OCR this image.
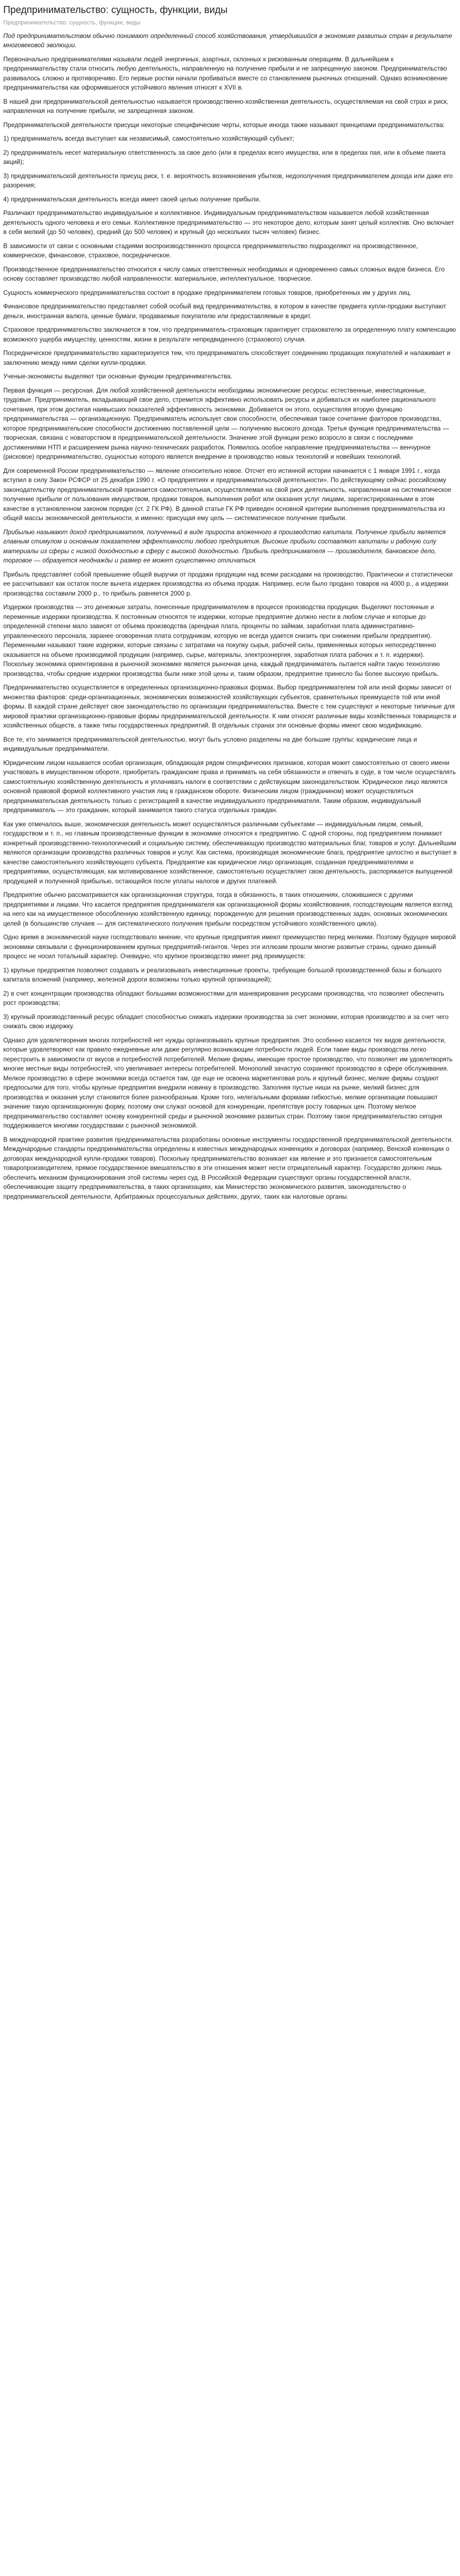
Предпринимательство: сущность, функции, виды
Предпринимательство: сущность, функции, виды

Под предпринимательством обычно понимают определенный способ хозяйствования, утвердившийся в экономике развитых стран в результате многовековой эволюции.

Первоначально предпринимателями называли людей энергичных, азартных, склонных к рискованным операциям. В дальнейшем к предпринимательству стали относить любую деятельность, направленную на получение прибыли и не запрещенную законом. Предпринимательство развивалось сложно и противоречиво. Его первые ростки начали пробиваться вместе со становлением рыночных отношений. Однако возникновение предпринимательства как оформившегося устойчивого явления относят к XVII в.

В нашей дни предпринимательской деятельностью называется производственно-хозяйственная деятельность, осуществляемая на свой страх и риск, направленная на получение прибыли, не запрещенная законом.

Предпринимательской деятельности присущи некоторые специфические черты, которые иногда также называют принципами предпринимательства:

1) предприниматель всегда выступает как независимый, самостоятельно хозяйствующий субъект;

2) предприниматель несет материальную ответственность за свое дело (или в пределах всего имущества, или в пределах пая, или в объеме пакета акций);

3) предпринимательской деятельности присущ риск, т. е. вероятность возникновения убытков, недополучения предпринимателем дохода или даже его разорения;

4) предпринимательская деятельность всегда имеет своей целью получение прибыли.

Различают предпринимательство индивидуальное и коллективное. Индивидуальным предпринимательством называется любой хозяйственная деятельность одного человека и его семьи. Коллективное предпринимательство — это некоторое дело, которым занят целый коллектив. Оно включает в себя мелкий (до 50 человек), средний (до 500 человек) и крупный (до нескольких тысяч человек) бизнес.

В зависимости от связи с основными стадиями воспроизводственного процесса предпринимательство подразделяют на производственное, коммерческое, финансовое, страховое, посредническое.

Производственное предпринимательство относится к числу самых ответственных необходимых и одновременно самых сложных видов бизнеса. Его основу составляет производство любой направленности: материальное, интеллектуальное, творческое.

Сущность коммерческого предпринимательства состоит в продаже предпринимателем готовых товаров, приобретенных им у других лиц.

Финансовое предпринимательство представляет собой особый вид предпринимательства, в котором в качестве предмета купли-продажи выступают деньги, иностранная валюта, ценные бумаги, продаваемые покупателю или предоставляемые в кредит.

Страховое предпринимательство заключается в том, что предприниматель-страховщик гарантирует страхователю за определенную плату компенсацию возможного ущерба имуществу, ценностям, жизни в результате непредвиденного (страхового) случая.

Посредническое предпринимательство характеризуется тем, что предприниматель способствует соединению продающих покупателей и налаживает и заключению между ними сделки купли-продажи.

Ученые-экономисты выделяют три основные функции предпринимательства.

Первая функция — ресурсная. Для любой хозяйственной деятельности необходимы экономические ресурсы: естественные, инвестиционные, трудовые. Предприниматель, вкладывающий свое дело, стремится эффективно использовать ресурсы и добиваться их наиболее рационального сочетания, при этом достигая наивысших показателей эффективность экономики. Добивается он этого, осуществляя вторую функцию предпринимательства — организационную. Предприниматель использует свои способности, обеспечивая такое сочетание факторов производства, которое предпринимательские способности достижению поставленной цели — получению высокого дохода. Третья функция предпринимательства — творческая, связана с новаторством в предпринимательской деятельности. Значение этой функции резко возросло в связи с последними достижениями НТП и расширением рынка научно-технических разработок. Появилось особое направление предпринимательства — венчурное (рисковое) предпринимательство, сущностью которого является внедрение в производство новых технологий и новейших технологий.

Для современной России предпринимательство — явление относительно новое. Отсчет его истинной истории начинается с 1 января 1991 г., когда вступил в силу Закон РСФСР от 25 декабря 1990 г. «О предприятиях и предпринимательской деятельности». По действующему сейчас российскому законодательству предпринимательской признается самостоятельная, осуществляемая на свой риск деятельность, направленная на систематическое получение прибыли от пользования имуществом, продажи товаров, выполнения работ или оказания услуг лицами, зарегистрированными в этом качестве в установленном законом порядке (ст. 2 ГК РФ). В данной статье ГК РФ приведен основной критерии выполнения предпринимательства из общей массы экономической деятельности, и именно: присущая ему цель — систематическое получение прибыли.

Прибылью называют доход предпринимателя, полученный в виде прироста вложенного в производство капитала. Получение прибыли является главным стимулом и основным показателем эффективности любого предприятия. Высокие прибыли составляют капиталы и рабочую силу материалы из сферы с низкой доходностью в сферу с высокой доходностью. Прибыль предпринимателя — производителя, банковское дело, торговое — образуется неоднажды и размер ее может существенно отличаться.

Прибыль представляет собой превышение общей выручки от продажи продукции над всеми расходами на производство. Практически и статистически ее рассчитывают как остаток после вычета издержек производства из объема продаж. Например, если было продано товаров на 4000 р., а издержки производства составили 2000 р., то прибыль равняется 2000 р.

Издержки производства — это денежные затраты, понесенные предпринимателем в процессе производства продукции. Выделяют постоянные и переменные издержки производства. К постоянным относятся те издержки, которые предприятие должно нести в любом случае и которые до определенной степени мало зависят от объема производства (арендная плата, проценты по займам, заработная плата административно-управленческого персонала, заранее оговоренная плата сотрудникам, которую не всегда удается снизить при снижении прибыли предприятия). Переменными называют такие издержки, которые связаны с затратами на покупку сырья, рабочей силы, применяемых которых непосредственно оказывается на объеме производимой продукции (например, сырье, материалы, электроэнергия, заработная плата рабочих и т. п. издержки). Поскольку экономика ориентирована в рыночной экономике является рыночная цена, каждый предприниматель пытается найти такую технологию производства, чтобы средние издержки производства были ниже этой цены и, таким образом, предприятие принесло бы более высокую прибыль.

Предпринимательство осуществляется в определенных организационно-правовых формах. Выбор предпринимателем той или иной формы зависит от множества факторов: среди-организационных, экономических возможностей хозяйствующих субъектов, сравнительных преимуществ той или иной формы. В каждой стране действует свое законодательство по организации предпринимательства. Вместе с тем существуют и некоторые типичные для мировой практики организационно-правовые формы предпринимательской деятельности. К ним относят различные виды хозяйственных товариществ и хозяйственных обществ, а также типы государственных предприятий. В отдельных странах эти основные формы имеют свою модификацию.

Все те, кто занимается предпринимательской деятельностью, могут быть условно разделены на две большие группы: юридические лица и индивидуальные предприниматели.

Юридическим лицом называется особая организация, обладающая рядом специфических признаков, которая может самостоятельно от своего имени участвовать в имущественном обороте, приобретать гражданские права и принимать на себя обязанности и отвечать в суде, в том числе осуществлять самостоятельную хозяйственную деятельность и уплачивать налоги в соответствии с действующим законодательством. Юридическое лицо является основной правовой формой коллективного участия лиц в гражданском обороте. Физическим лицом (гражданином) может осуществляться предпринимательская деятельность только с регистрацией в качестве индивидуального предпринимателя. Таким образом, индивидуальный предприниматель — это гражданин, который занимается такого статуса отдельных граждан.

Как уже отмечалось выше, экономическая деятельность может осуществляться различными субъектами — индивидуальным лицом, семьей, государством и т. п., но главным производственные функции в экономике относятся к предприятию. С одной стороны, под предприятием понимают конкретный производственно-технологический и социальную систему, обеспечивающую производство материальных благ, товаров и услуг. Дальнейшим являются организации производства различных товаров и услуг. Как система, производящая экономические блага, предприятие целостно и выступает в качестве самостоятельного хозяйствующего субъекта. Предприятие как юридическое лицо организация, созданная предпринимателями и предприятиями, осуществляющая, как мотивированное хозяйственное, самостоятельно осуществляет свою деятельность, распоряжается выпущенной продукцией и полученной прибылью, остающейся после уплаты налогов и других платежей.

Предприятие обычно рассматривается как организационная структура, тогда в обязанность, в таких отношениях, сложившиеся с другими предприятиями и лицами. Что касается предприятия предпринимателя как организационной формы хозяйствования, господствующим является взгляд на него как на имущественное обособленную хозяйственную единицу, порожденную для решения производственных задач, основных экономических целей (в большинстве случаев — для систематического получения прибыли посредством устойчивого хозяйственного цикла).

Одно время в экономической науке господствовало мнение, что крупные предприятия имеют преимущество перед мелкими. Поэтому будущее мировой экономики связывали с функционированием крупных предприятий-гигантов. Через эти иллюзии прошли многие развитые страны, однако данный процесс не носил тотальный характер. Очевидно, что крупное производство имеет ряд преимуществ:

1) крупные предприятия позволяют создавать и реализовывать инвестиционные проекты, требующие большой производственной базы и большого капитала вложений (например, железной дороги возможны только крупной организацией);

2) в счет концентрации производства обладают большими возможностями для маневрирования ресурсами производства, что позволяет обеспечить рост производства;

3) крупный производственный ресурс обладает способностью снижать издержки производства за счет экономии, которая производство и за счет чего снижать свою издержку.

Однако для удовлетворения многих потребностей нет нужды организовывать крупные предприятия. Это особенно касается тех видов деятельности, которые удовлетворяют как правило ежедневные или даже регулярно возникающие потребности людей. Если такие виды производства легко перестроить в зависимости от вкусов и потребностей потребителей. Мелкие фирмы, имеющие простое производство, что позволяет им удовлетворять многие местные виды потребностей, что увеличивает интересы потребителей. Монополий зачастую сохраняют производство в сфере обслуживания. Мелкое производство в сфере экономики всегда остается там, где еще не освоена маркетинговая роль и крупный бизнес, мелкие фирмы создают предпосылки для того, чтобы крупные предприятия внедрили новинку в производство. Заполняя пустые ниши на рынке, мелкий бизнес для производства и оказания услуг становится более разнообразным. Кроме того, нелегальными формами гибкостью, мелкие организации повышают значение такую организационную форму, поэтому они служат основой для конкуренции, препятствуя росту товарных цен. Поэтому мелкое предпринимательство составляет основу конкурентной среды и рыночной экономике развитых стран. Поэтому такое предпринимательство сегодня поддерживается многими государствами с рыночной экономикой.

В международной практике развития предпринимательства разработаны основные инструменты государственной предпринимательской деятельности. Международные стандарты предпринимательства определены в известных международных конвенциях и договорах (например, Венской конвенции о договорах международной купли-продажи товаров). Поскольку предпринимательство возникает как явление и это признается самостоятельным товаропроизводителем, прямое государственное вмешательство в эти отношения может нести отрицательный характер. Государство должно лишь обеспечить механизм функционирования этой системы через суд. В Российской Федерации существуют органы государственной власти, обеспечивающие защиту предпринимательства, в таких организациях, как Министерство экономического развития, законодательство о предпринимательской деятельности, Арбитражных процессуальных действиях, других, таких как налоговые органы.
